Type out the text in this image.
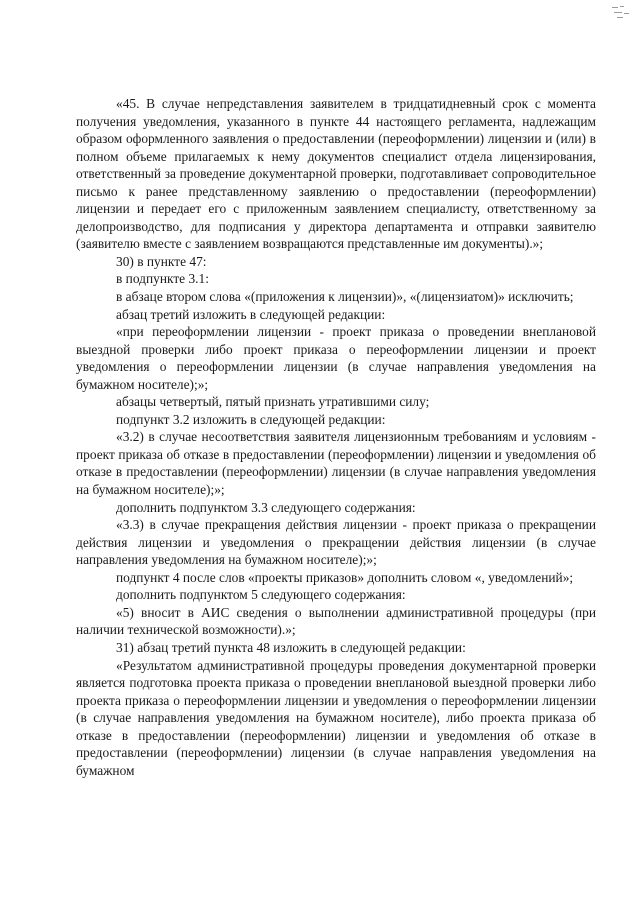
«45. В случае непредставления заявителем в тридцатидневный срок с момента получения уведомления, указанного в пункте 44 настоящего регламента, надлежащим образом оформленного заявления о предоставлении (переоформлении) лицензии и (или) в полном объеме прилагаемых к нему документов специалист отдела лицензирования, ответственный за проведение документарной проверки, подготавливает сопроводительное письмо к ранее представленному заявлению о предоставлении (переоформлении) лицензии и передает его с приложенным заявлением специалисту, ответственному за делопроизводство, для подписания у директора департамента и отправки заявителю (заявителю вместе с заявлением возвращаются представленные им документы).»;

30) в пункте 47:

в подпункте 3.1:

в абзаце втором слова «(приложения к лицензии)», «(лицензиатом)» исключить;

абзац третий изложить в следующей редакции:

«при переоформлении лицензии - проект приказа о проведении внеплановой выездной проверки либо проект приказа о переоформлении лицензии и проект уведомления о переоформлении лицензии (в случае направления уведомления на бумажном носителе);»;

абзацы четвертый, пятый признать утратившими силу;

подпункт 3.2 изложить в следующей редакции:

«3.2) в случае несоответствия заявителя лицензионным требованиям и условиям - проект приказа об отказе в предоставлении (переоформлении) лицензии и уведомления об отказе в предоставлении (переоформлении) лицензии (в случае направления уведомления на бумажном носителе);»;

дополнить подпунктом 3.3 следующего содержания:

«3.3) в случае прекращения действия лицензии - проект приказа о прекращении действия лицензии и уведомления о прекращении действия лицензии (в случае направления уведомления на бумажном носителе);»;

подпункт 4 после слов «проекты приказов» дополнить словом «, уведомлений»;

дополнить подпунктом 5 следующего содержания:

«5) вносит в АИС сведения о выполнении административной процедуры (при наличии технической возможности).»;

31) абзац третий пункта 48 изложить в следующей редакции:

«Результатом административной процедуры проведения документарной проверки является подготовка проекта приказа о проведении внеплановой выездной проверки либо проекта приказа о переоформлении лицензии и уведомления о переоформлении лицензии (в случае направления уведомления на бумажном носителе), либо проекта приказа об отказе в предоставлении (переоформлении) лицензии и уведомления об отказе в предоставлении (переоформлении) лицензии (в случае направления уведомления на бумажном
